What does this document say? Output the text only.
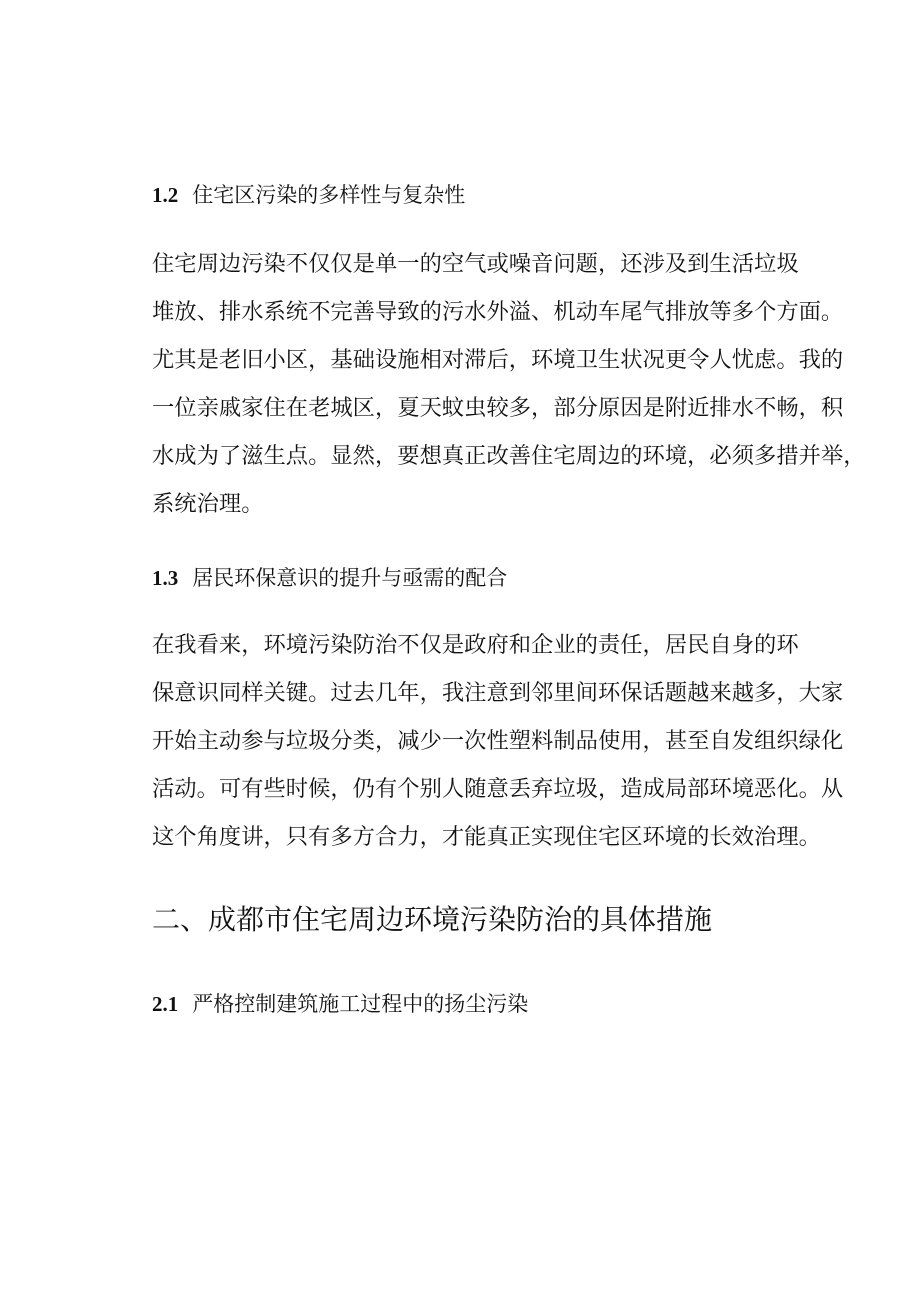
1.2 住宅区污染的多样性与复杂性
住宅周边污染不仅仅是单一的空气或噪音问题，还涉及到生活垃圾
堆放、排水系统不完善导致的污水外溢、机动车尾气排放等多个方面。
尤其是老旧小区，基础设施相对滞后，环境卫生状况更令人忧虑。我的
一位亲戚家住在老城区，夏天蚊虫较多，部分原因是附近排水不畅，积
水成为了滋生点。显然，要想真正改善住宅周边的环境，必须多措并举，
系统治理。
1.3 居民环保意识的提升与亟需的配合
在我看来，环境污染防治不仅是政府和企业的责任，居民自身的环
保意识同样关键。过去几年，我注意到邻里间环保话题越来越多，大家
开始主动参与垃圾分类，减少一次性塑料制品使用，甚至自发组织绿化
活动。可有些时候，仍有个别人随意丢弃垃圾，造成局部环境恶化。从
这个角度讲，只有多方合力，才能真正实现住宅区环境的长效治理。
二、成都市住宅周边环境污染防治的具体措施
2.1 严格控制建筑施工过程中的扬尘污染
